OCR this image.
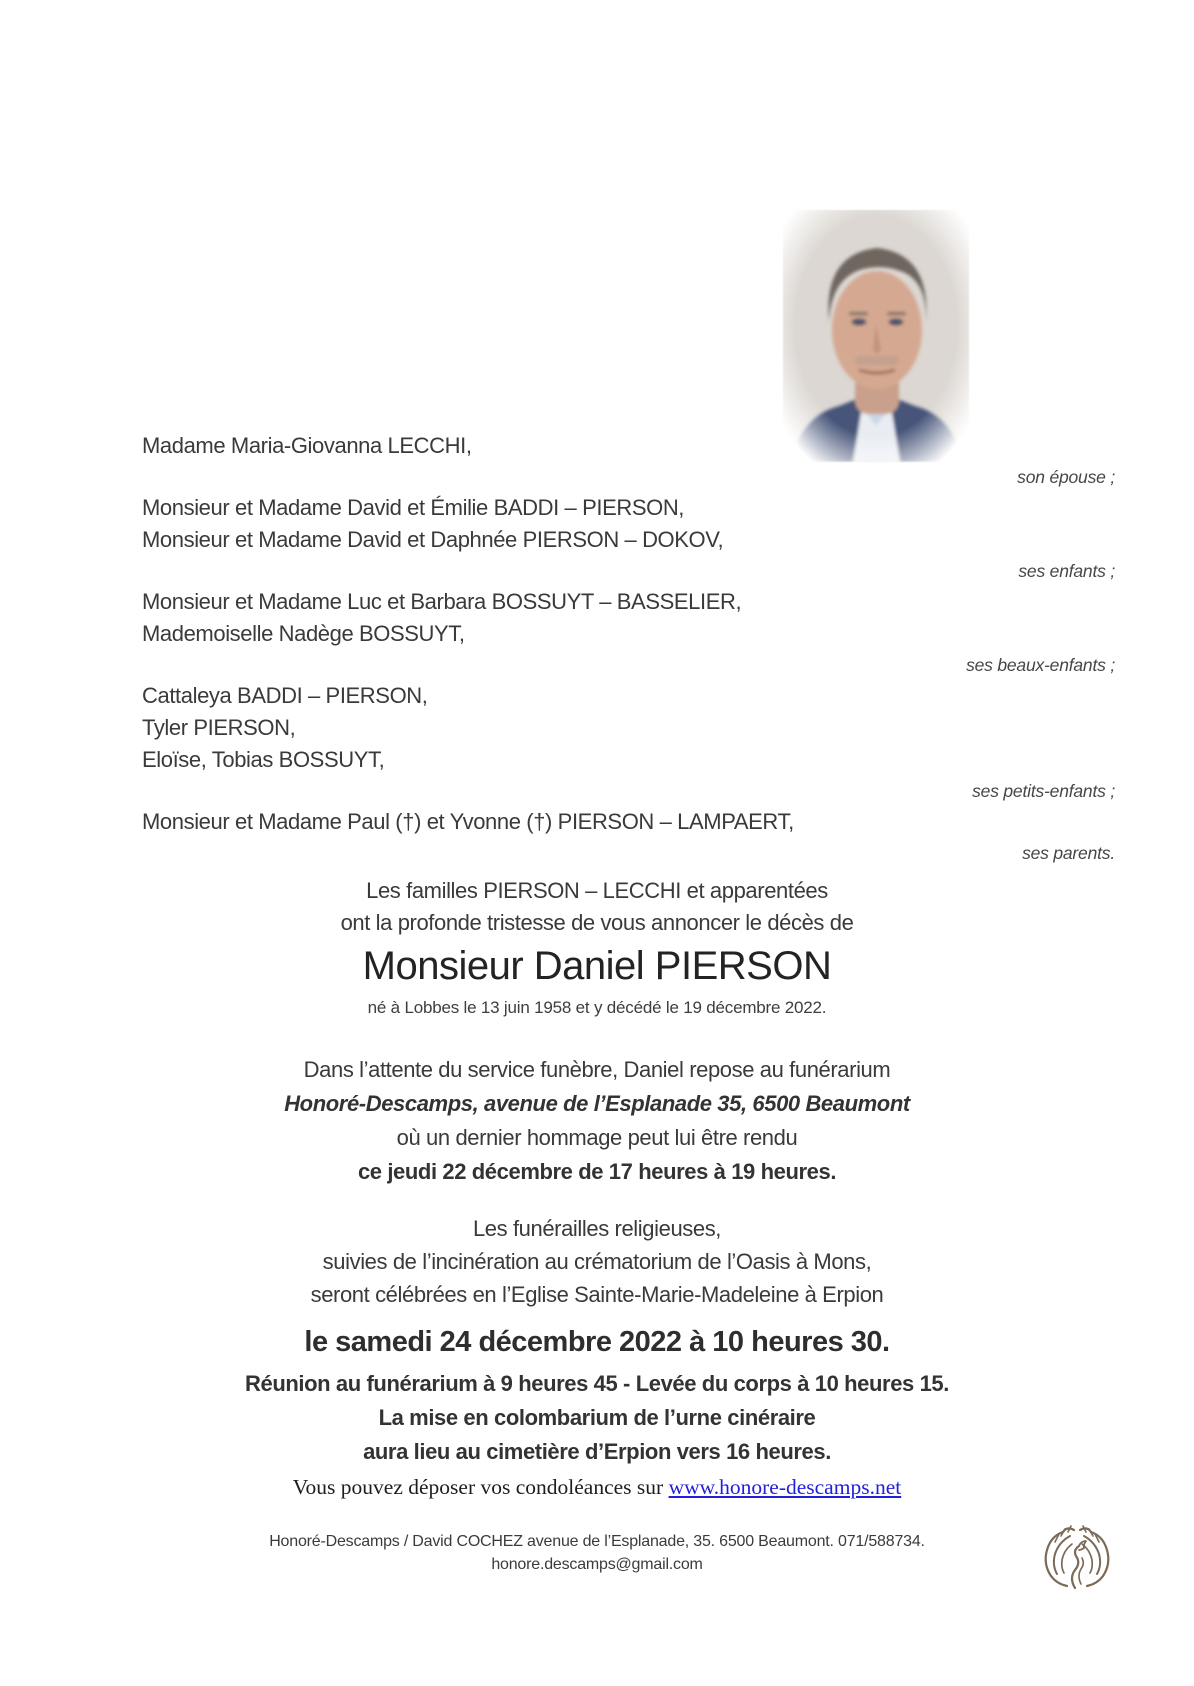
Madame Maria-Giovanna LECCHI,

son épouse ;

Monsieur et Madame David et Émilie BADDI – PIERSON,

Monsieur et Madame David et Daphnée PIERSON – DOKOV,

ses enfants ;

Monsieur et Madame Luc et Barbara BOSSUYT – BASSELIER,

Mademoiselle Nadège BOSSUYT,

ses beaux-enfants ;

Cattaleya BADDI – PIERSON,

Tyler PIERSON,

Eloïse, Tobias BOSSUYT,

ses petits-enfants ;

Monsieur et Madame Paul (†) et Yvonne (†) PIERSON – LAMPAERT,

ses parents.

Les familles PIERSON – LECCHI et apparentées

ont la profonde tristesse de vous annoncer le décès de

Monsieur Daniel PIERSON

né à Lobbes le 13 juin 1958 et y décédé le 19 décembre 2022.

Dans l’attente du service funèbre, Daniel repose au funérarium

Honoré-Descamps, avenue de l’Esplanade 35, 6500 Beaumont

où un dernier hommage peut lui être rendu

ce jeudi 22 décembre de 17 heures à 19 heures.

Les funérailles religieuses,

suivies de l’incinération au crématorium de l’Oasis à Mons,

seront célébrées en l’Eglise Sainte-Marie-Madeleine à Erpion

le samedi 24 décembre 2022 à 10 heures 30.

Réunion au funérarium à 9 heures 45 - Levée du corps à 10 heures 15.

La mise en colombarium de l’urne cinéraire

aura lieu au cimetière d’Erpion vers 16 heures.

Vous pouvez déposer vos condoléances sur www.honore-descamps.net

Honoré-Descamps / David COCHEZ avenue de l’Esplanade, 35. 6500 Beaumont. 071/588734.

honore.descamps@gmail.com
